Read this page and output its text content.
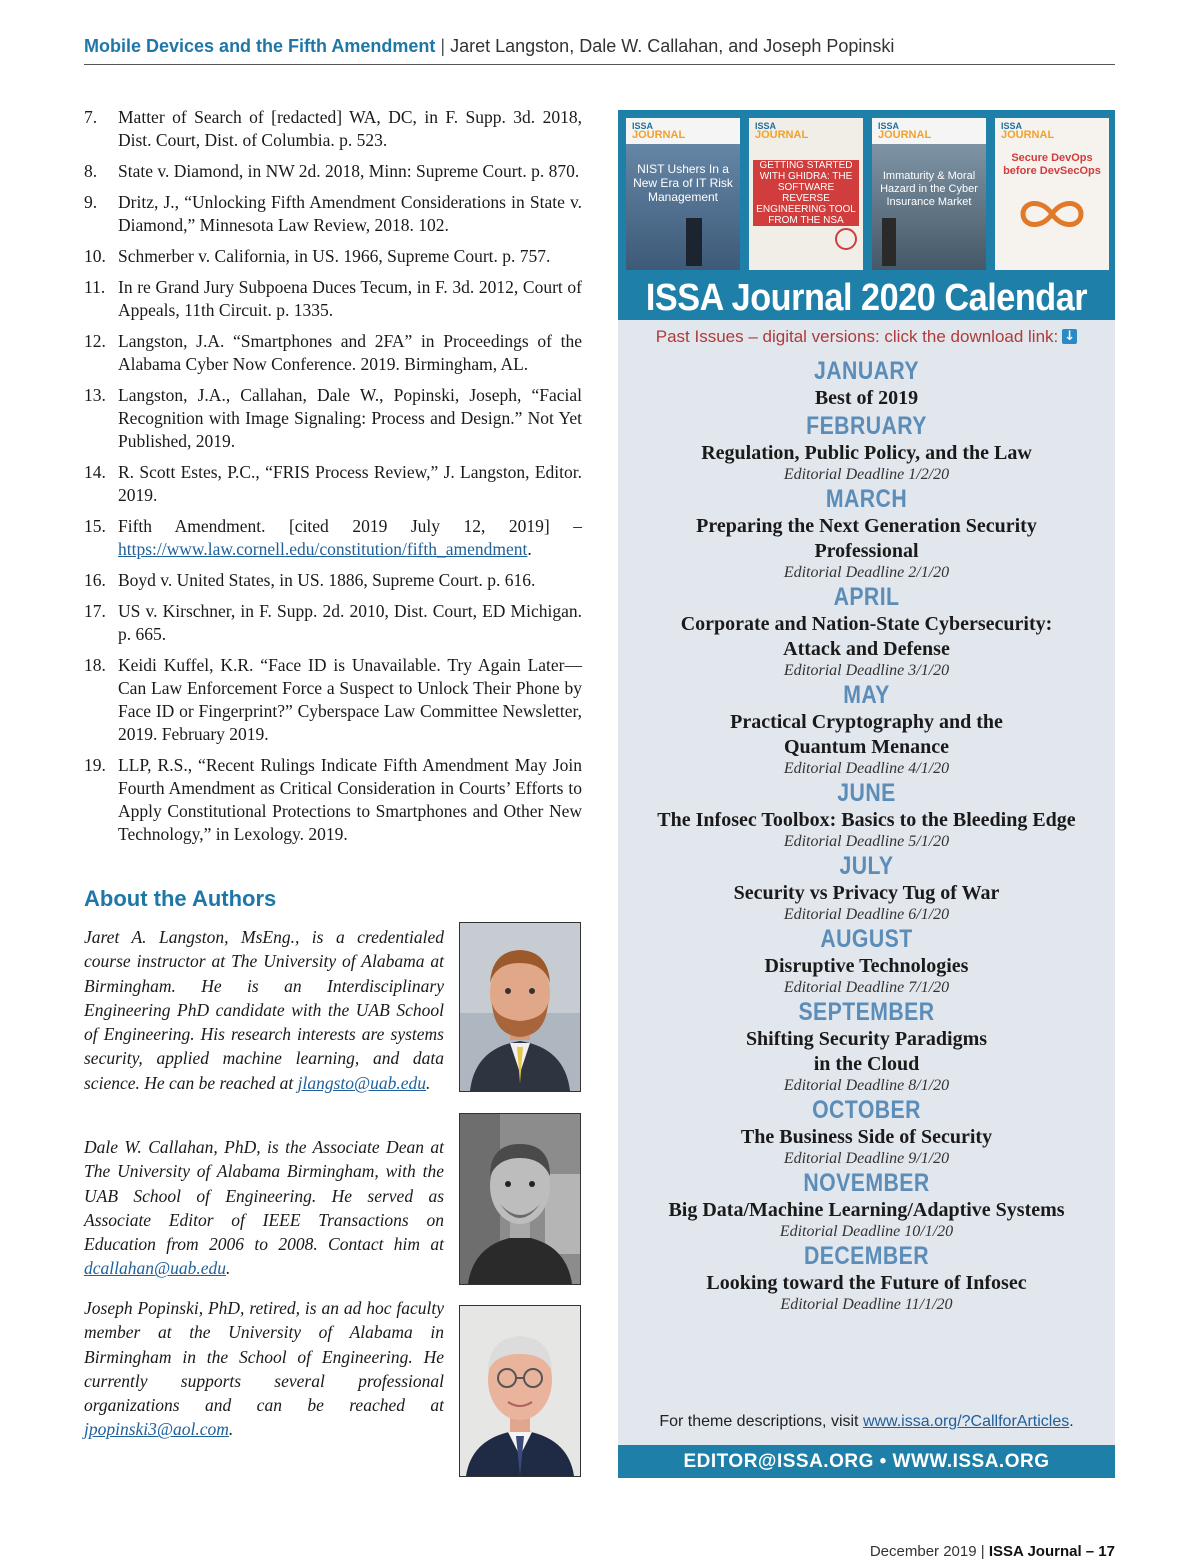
Mobile Devices and the Fifth Amendment | Jaret Langston, Dale W. Callahan, and Joseph Popinski
7. Matter of Search of [redacted] WA, DC, in F. Supp. 3d. 2018, Dist. Court, Dist. of Columbia. p. 523.
8. State v. Diamond, in NW 2d. 2018, Minn: Supreme Court. p. 870.
9. Dritz, J., “Unlocking Fifth Amendment Considerations in State v. Diamond,” Minnesota Law Review, 2018. 102.
10. Schmerber v. California, in US. 1966, Supreme Court. p. 757.
11. In re Grand Jury Subpoena Duces Tecum, in F. 3d. 2012, Court of Appeals, 11th Circuit. p. 1335.
12. Langston, J.A. “Smartphones and 2FA” in Proceedings of the Alabama Cyber Now Conference. 2019. Birmingham, AL.
13. Langston, J.A., Callahan, Dale W., Popinski, Joseph, “Facial Recognition with Image Signaling: Process and Design.” Not Yet Published, 2019.
14. R. Scott Estes, P.C., “FRIS Process Review,” J. Langston, Editor. 2019.
15. Fifth Amendment. [cited 2019 July 12, 2019] – https://www.law.cornell.edu/constitution/fifth_amendment.
16. Boyd v. United States, in US. 1886, Supreme Court. p. 616.
17. US v. Kirschner, in F. Supp. 2d. 2010, Dist. Court, ED Michigan. p. 665.
18. Keidi Kuffel, K.R. “Face ID is Unavailable. Try Again Later— Can Law Enforcement Force a Suspect to Unlock Their Phone by Face ID or Fingerprint?” Cyberspace Law Committee Newsletter, 2019. February 2019.
19. LLP, R.S., “Recent Rulings Indicate Fifth Amendment May Join Fourth Amendment as Critical Consideration in Courts’ Efforts to Apply Constitutional Protections to Smartphones and Other New Technology,” in Lexology. 2019.
About the Authors

Jaret A. Langston, MsEng., is a credentialed course instructor at The University of Alabama at Birmingham. He is an Interdisciplinary Engineering PhD candidate with the UAB School of Engineering. His research interests are systems security, applied machine learning, and data science. He can be reached at jlangsto@uab.edu.

Dale W. Callahan, PhD, is the Associate Dean at The University of Alabama Birmingham, with the UAB School of Engineering. He served as Associate Editor of IEEE Transactions on Education from 2006 to 2008. Contact him at dcallahan@uab.edu.

Joseph Popinski, PhD, retired, is an ad hoc faculty member at the University of Alabama in Birmingham in the School of Engineering. He currently supports several professional organizations and can be reached at jpopinski3@aol.com.

ISSA
JOURNAL
NIST Ushers In a New Era of IT Risk Management
ISSA
JOURNAL
GETTING STARTED WITH GHIDRA: THE SOFTWARE REVERSE ENGINEERING TOOL FROM THE NSA
ISSA
JOURNAL
Immaturity & Moral Hazard in the Cyber Insurance Market
ISSA
JOURNAL
Secure DevOps before DevSecOps
ISSA Journal 2020 Calendar
Past Issues – digital versions: click the download link:↓
JANUARY
Best of 2019
FEBRUARY
Regulation, Public Policy, and the Law
Editorial Deadline 1/2/20
MARCH
Preparing the Next Generation Security Professional
Editorial Deadline 2/1/20
APRIL
Corporate and Nation-State Cybersecurity: Attack and Defense
Editorial Deadline 3/1/20
MAY
Practical Cryptography and the Quantum Menance
Editorial Deadline 4/1/20
JUNE
The Infosec Toolbox: Basics to the Bleeding Edge
Editorial Deadline 5/1/20
JULY
Security vs Privacy Tug of War
Editorial Deadline 6/1/20
AUGUST
Disruptive Technologies
Editorial Deadline 7/1/20
SEPTEMBER
Shifting Security Paradigms in the Cloud
Editorial Deadline 8/1/20
OCTOBER
The Business Side of Security
Editorial Deadline 9/1/20
NOVEMBER
Big Data/Machine Learning/Adaptive Systems
Editorial Deadline 10/1/20
DECEMBER
Looking toward the Future of Infosec
Editorial Deadline 11/1/20
For theme descriptions, visit www.issa.org/?CallforArticles.
EDITOR@ISSA.ORG • WWW.ISSA.ORG
December 2019 | ISSA Journal – 17
